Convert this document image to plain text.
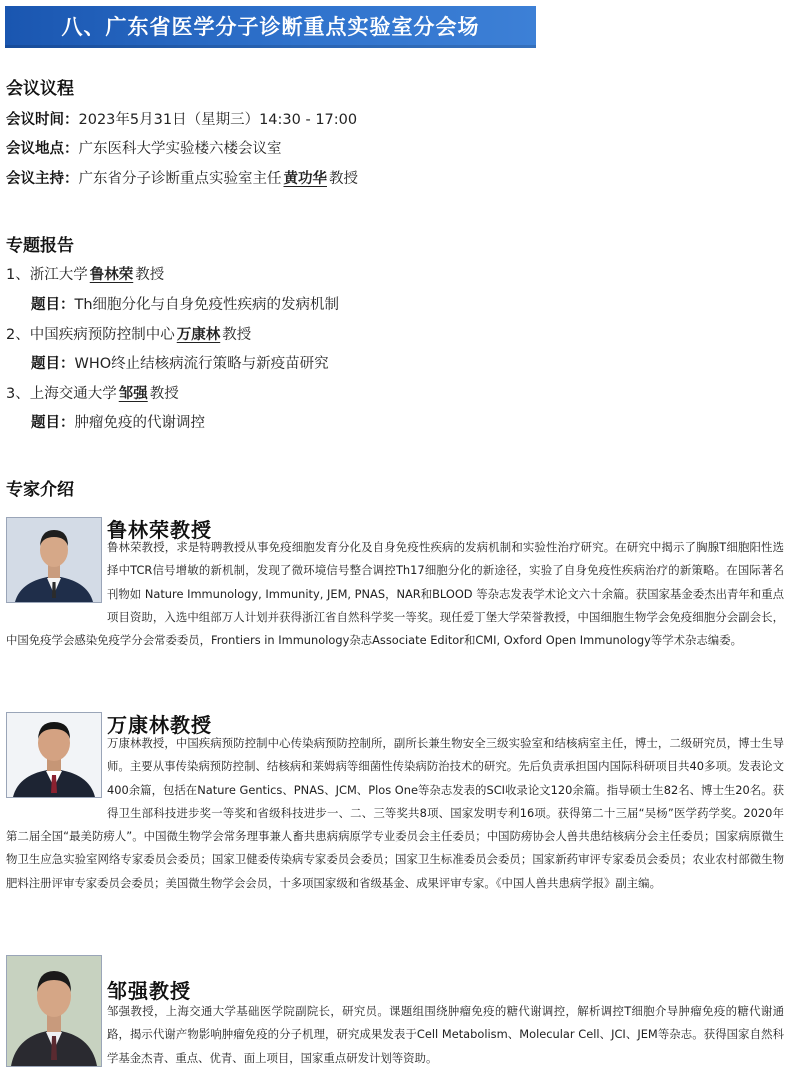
八、广东省医学分子诊断重点实验室分会场
会议议程
会议时间：2023年5月31日（星期三）14:30 - 17:00
会议地点：广东医科大学实验楼六楼会议室
会议主持：广东省分子诊断重点实验室主任 黄功华 教授
专题报告
1、浙江大学 鲁林荣 教授
题目：Th细胞分化与自身免疫性疾病的发病机制
2、中国疾病预防控制中心 万康林 教授
题目：WHO终止结核病流行策略与新疫苗研究
3、上海交通大学 邹强 教授
题目：肿瘤免疫的代谢调控
专家介绍
鲁林荣教授
鲁林荣教授，求是特聘教授从事免疫细胞发育分化及自身免疫性疾病的发病机制和实验性治疗研究。在研究中揭示了胸腺T细胞阳性选择中TCR信号增敏的新机制，发现了微环境信号整合调控Th17细胞分化的新途径，实验了自身免疫性疾病治疗的新策略。在国际著名刊物如 Nature Immunology, Immunity, JEM, PNAS，NAR和BLOOD 等杂志发表学术论文六十余篇。获国家基金委杰出青年和重点项目资助，入选中组部万人计划并获得浙江省自然科学奖一等奖。现任爱丁堡大学荣誉教授，中国细胞生物学会免疫细胞分会副会长，中国免疫学会感染免疫学分会常委委员，Frontiers in Immunology杂志Associate Editor和CMI, Oxford Open Immunology等学术杂志编委。
万康林教授
万康林教授，中国疾病预防控制中心传染病预防控制所，副所长兼生物安全三级实验室和结核病室主任，博士，二级研究员，博士生导师。主要从事传染病预防控制、结核病和莱姆病等细菌性传染病防治技术的研究。先后负责承担国内国际科研项目共40多项。发表论文400余篇，包括在Nature Gentics、PNAS、JCM、Plos One等杂志发表的SCI收录论文120余篇。指导硕士生82名、博士生20名。获得卫生部科技进步奖一等奖和省级科技进步一、二、三等奖共8项、国家发明专利16项。获得第二十三届“吴杨”医学药学奖。2020年第二届全国“最美防痨人”。中国微生物学会常务理事兼人畜共患病病原学专业委员会主任委员；中国防痨协会人兽共患结核病分会主任委员；国家病原微生物卫生应急实验室网络专家委员会委员；国家卫健委传染病专家委员会委员；国家卫生标准委员会委员；国家新药审评专家委员会委员；农业农村部微生物肥料注册评审专家委员会委员；美国微生物学会会员，十多项国家级和省级基金、成果评审专家。《中国人兽共患病学报》副主编。
邹强教授
邹强教授，上海交通大学基础医学院副院长，研究员。课题组围绕肿瘤免疫的糖代谢调控，解析调控T细胞介导肿瘤免疫的糖代谢通路，揭示代谢产物影响肿瘤免疫的分子机理，研究成果发表于Cell Metabolism、Molecular Cell、JCI、JEM等杂志。获得国家自然科学基金杰青、重点、优青、面上项目，国家重点研发计划等资助。
